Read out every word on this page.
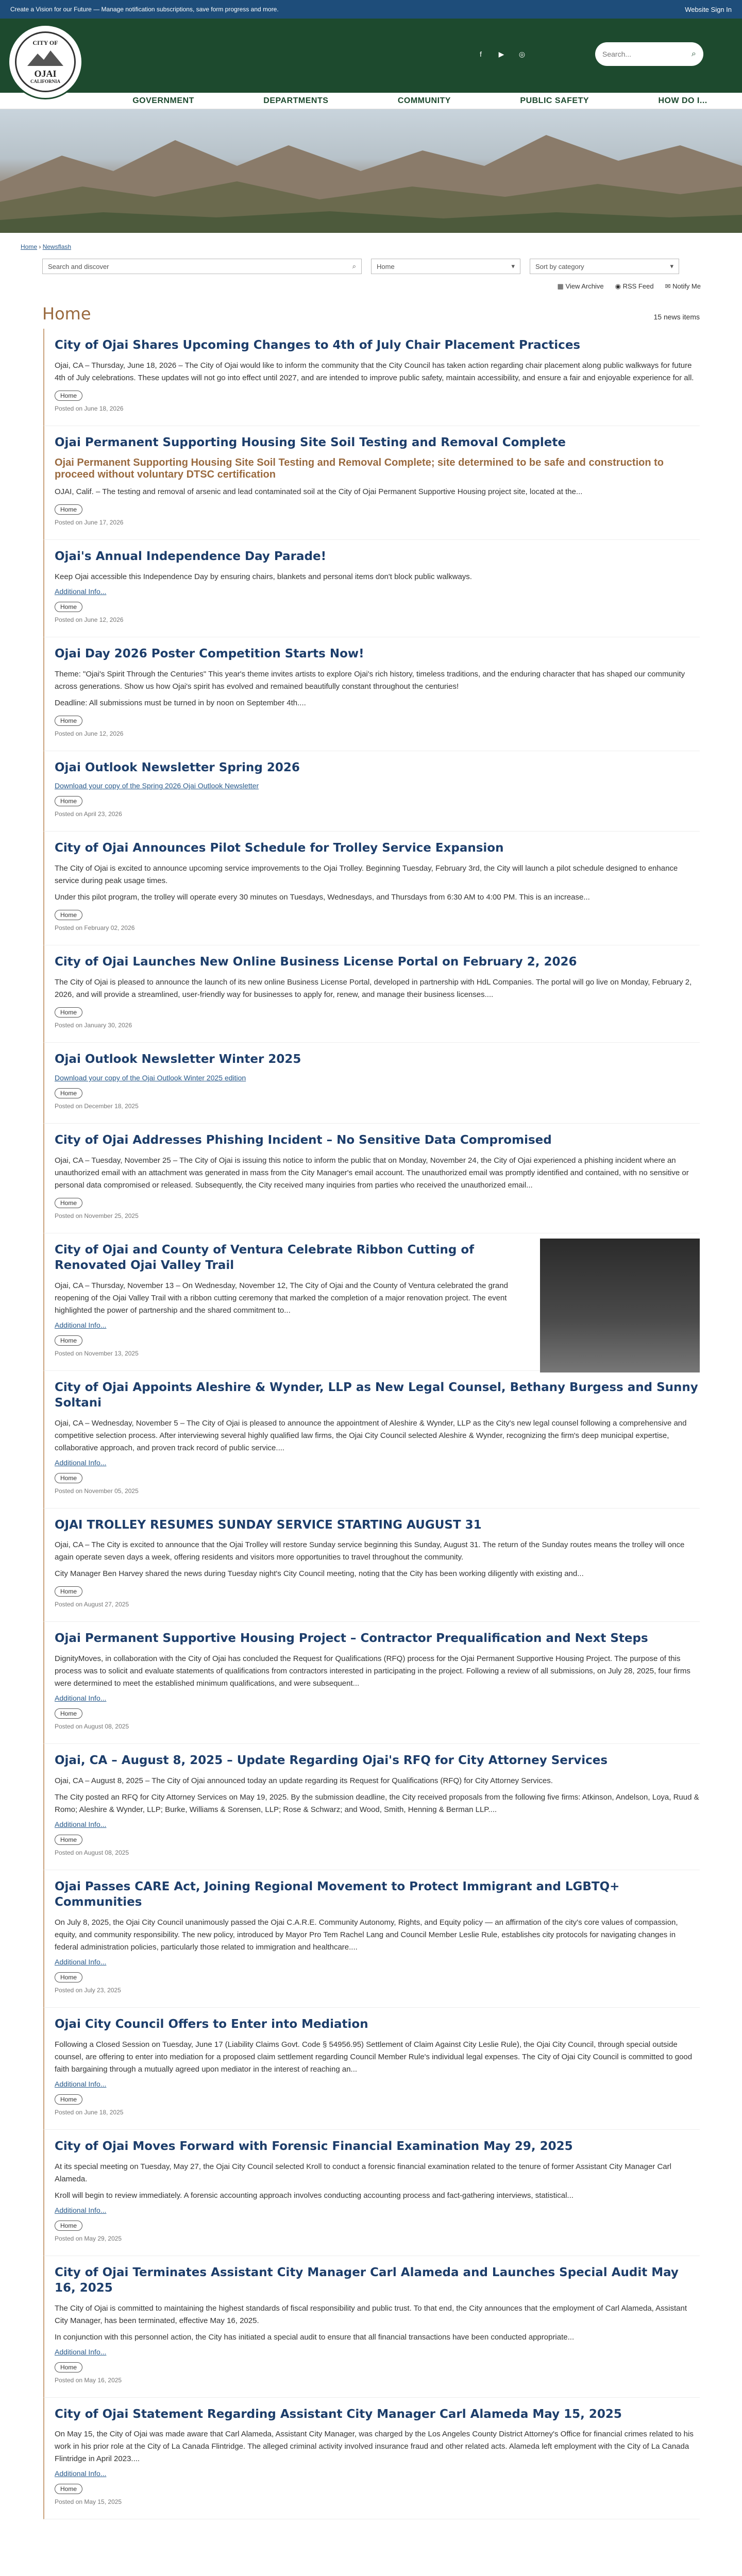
Create a Vision for our Future — Manage notification subscriptions, save form progress and more.	Website Sign In
CITY OF
OJAI
CALIFORNIA
f	▶	◎
Search...	⌕
GOVERNMENT	DEPARTMENTS	COMMUNITY	PUBLIC SAFETY	HOW DO I...
Home › Newsflash
Search and discover	⌕	Home	▾	Sort by category	▾
▦ View Archive ◉ RSS Feed ✉ Notify Me
Home	15 news items
City of Ojai Shares Upcoming Changes to 4th of July Chair Placement Practices

Ojai, CA – Thursday, June 18, 2026 – The City of Ojai would like to inform the community that the City Council has taken action regarding chair placement along public walkways for future 4th of July celebrations. These updates will not go into effect until 2027, and are intended to improve public safety, maintain accessibility, and ensure a fair and enjoyable experience for all.

Home
Posted on June 18, 2026
Ojai Permanent Supporting Housing Site Soil Testing and Removal Complete
Ojai Permanent Supporting Housing Site Soil Testing and Removal Complete; site determined to be safe and construction to proceed without voluntary DTSC certification

OJAI, Calif. – The testing and removal of arsenic and lead contaminated soil at the City of Ojai Permanent Supportive Housing project site, located at the...

Home
Posted on June 17, 2026
Ojai's Annual Independence Day Parade!

Keep Ojai accessible this Independence Day by ensuring chairs, blankets and personal items don't block public walkways.

Additional Info...
Home
Posted on June 12, 2026
Ojai Day 2026 Poster Competition Starts Now!

Theme: "Ojai's Spirit Through the Centuries" This year's theme invites artists to explore Ojai's rich history, timeless traditions, and the enduring character that has shaped our community across generations. Show us how Ojai's spirit has evolved and remained beautifully constant throughout the centuries!

Deadline: All submissions must be turned in by noon on September 4th....

Home
Posted on June 12, 2026
Ojai Outlook Newsletter Spring 2026
Download your copy of the Spring 2026 Ojai Outlook Newsletter
Home
Posted on April 23, 2026
City of Ojai Announces Pilot Schedule for Trolley Service Expansion

The City of Ojai is excited to announce upcoming service improvements to the Ojai Trolley. Beginning Tuesday, February 3rd, the City will launch a pilot schedule designed to enhance service during peak usage times.

Under this pilot program, the trolley will operate every 30 minutes on Tuesdays, Wednesdays, and Thursdays from 6:30 AM to 4:00 PM. This is an increase...

Home
Posted on February 02, 2026
City of Ojai Launches New Online Business License Portal on February 2, 2026

The City of Ojai is pleased to announce the launch of its new online Business License Portal, developed in partnership with HdL Companies. The portal will go live on Monday, February 2, 2026, and will provide a streamlined, user-friendly way for businesses to apply for, renew, and manage their business licenses....

Home
Posted on January 30, 2026
Ojai Outlook Newsletter Winter 2025
Download your copy of the Ojai Outlook Winter 2025 edition
Home
Posted on December 18, 2025
City of Ojai Addresses Phishing Incident – No Sensitive Data Compromised

Ojai, CA – Tuesday, November 25 – The City of Ojai is issuing this notice to inform the public that on Monday, November 24, the City of Ojai experienced a phishing incident where an unauthorized email with an attachment was generated in mass from the City Manager's email account. The unauthorized email was promptly identified and contained, with no sensitive or personal data compromised or released. Subsequently, the City received many inquiries from parties who received the unauthorized email...

Home
Posted on November 25, 2025
City of Ojai and County of Ventura Celebrate Ribbon Cutting of Renovated Ojai Valley Trail

Ojai, CA – Thursday, November 13 – On Wednesday, November 12, The City of Ojai and the County of Ventura celebrated the grand reopening of the Ojai Valley Trail with a ribbon cutting ceremony that marked the completion of a major renovation project. The event highlighted the power of partnership and the shared commitment to...

Additional Info...
Home
Posted on November 13, 2025
City of Ojai Appoints Aleshire & Wynder, LLP as New Legal Counsel, Bethany Burgess and Sunny Soltani

Ojai, CA – Wednesday, November 5 – The City of Ojai is pleased to announce the appointment of Aleshire & Wynder, LLP as the City's new legal counsel following a comprehensive and competitive selection process. After interviewing several highly qualified law firms, the Ojai City Council selected Aleshire & Wynder, recognizing the firm's deep municipal expertise, collaborative approach, and proven track record of public service....

Additional Info...
Home
Posted on November 05, 2025
OJAI TROLLEY RESUMES SUNDAY SERVICE STARTING AUGUST 31

Ojai, CA – The City is excited to announce that the Ojai Trolley will restore Sunday service beginning this Sunday, August 31. The return of the Sunday routes means the trolley will once again operate seven days a week, offering residents and visitors more opportunities to travel throughout the community.

City Manager Ben Harvey shared the news during Tuesday night's City Council meeting, noting that the City has been working diligently with existing and...

Home
Posted on August 27, 2025
Ojai Permanent Supportive Housing Project – Contractor Prequalification and Next Steps

DignityMoves, in collaboration with the City of Ojai has concluded the Request for Qualifications (RFQ) process for the Ojai Permanent Supportive Housing Project. The purpose of this process was to solicit and evaluate statements of qualifications from contractors interested in participating in the project. Following a review of all submissions, on July 28, 2025, four firms were determined to meet the established minimum qualifications, and were subsequent...

Additional Info...
Home
Posted on August 08, 2025
Ojai, CA – August 8, 2025 – Update Regarding Ojai's RFQ for City Attorney Services

Ojai, CA – August 8, 2025 – The City of Ojai announced today an update regarding its Request for Qualifications (RFQ) for City Attorney Services.

The City posted an RFQ for City Attorney Services on May 19, 2025. By the submission deadline, the City received proposals from the following five firms: Atkinson, Andelson, Loya, Ruud & Romo; Aleshire & Wynder, LLP; Burke, Williams & Sorensen, LLP; Rose & Schwarz; and Wood, Smith, Henning & Berman LLP....

Additional Info...
Home
Posted on August 08, 2025
Ojai Passes CARE Act, Joining Regional Movement to Protect Immigrant and LGBTQ+ Communities

On July 8, 2025, the Ojai City Council unanimously passed the Ojai C.A.R.E. Community Autonomy, Rights, and Equity policy — an affirmation of the city's core values of compassion, equity, and community responsibility. The new policy, introduced by Mayor Pro Tem Rachel Lang and Council Member Leslie Rule, establishes city protocols for navigating changes in federal administration policies, particularly those related to immigration and healthcare....

Additional Info...
Home
Posted on July 23, 2025
Ojai City Council Offers to Enter into Mediation

Following a Closed Session on Tuesday, June 17 (Liability Claims Govt. Code § 54956.95) Settlement of Claim Against City Leslie Rule), the Ojai City Council, through special outside counsel, are offering to enter into mediation for a proposed claim settlement regarding Council Member Rule's individual legal expenses. The City of Ojai City Council is committed to good faith bargaining through a mutually agreed upon mediator in the interest of reaching an...

Additional Info...
Home
Posted on June 18, 2025
City of Ojai Moves Forward with Forensic Financial Examination May 29, 2025

At its special meeting on Tuesday, May 27, the Ojai City Council selected Kroll to conduct a forensic financial examination related to the tenure of former Assistant City Manager Carl Alameda.

Kroll will begin to review immediately. A forensic accounting approach involves conducting accounting process and fact-gathering interviews, statistical...

Additional Info...
Home
Posted on May 29, 2025
City of Ojai Terminates Assistant City Manager Carl Alameda and Launches Special Audit May 16, 2025

The City of Ojai is committed to maintaining the highest standards of fiscal responsibility and public trust. To that end, the City announces that the employment of Carl Alameda, Assistant City Manager, has been terminated, effective May 16, 2025.

In conjunction with this personnel action, the City has initiated a special audit to ensure that all financial transactions have been conducted appropriate...

Additional Info...
Home
Posted on May 16, 2025
City of Ojai Statement Regarding Assistant City Manager Carl Alameda May 15, 2025

On May 15, the City of Ojai was made aware that Carl Alameda, Assistant City Manager, was charged by the Los Angeles County District Attorney's Office for financial crimes related to his work in his prior role at the City of La Canada Flintridge. The alleged criminal activity involved insurance fraud and other related acts. Alameda left employment with the City of La Canada Flintridge in April 2023....

Additional Info...
Home
Posted on May 15, 2025
